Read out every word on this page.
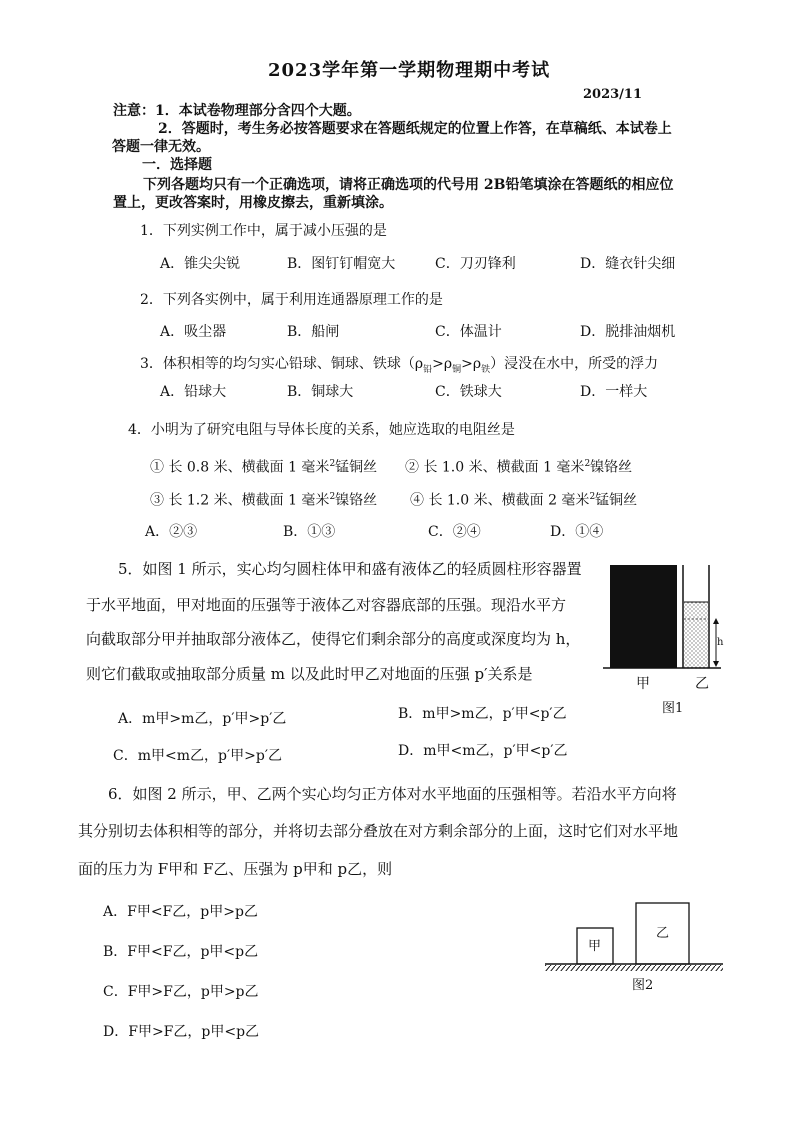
2023学年第一学期物理期中考试
2023/11
注意：1．本试卷物理部分含四个大题。
2．答题时，考生务必按答题要求在答题纸规定的位置上作答，在草稿纸、本试卷上
答题一律无效。
一．选择题
下列各题均只有一个正确选项，请将正确选项的代号用 2B铅笔填涂在答题纸的相应位
置上，更改答案时，用橡皮擦去，重新填涂。
1．下列实例工作中，属于减小压强的是
A．锥尖尖锐	B．图钉钉帽宽大	C．刀刃锋利	D．缝衣针尖细
2．下列各实例中，属于利用连通器原理工作的是
A．吸尘器	B．船闸	C．体温计	D．脱排油烟机
3．体积相等的均匀实心铅球、铜球、铁球$(\rho_铅>\rho_铜>\rho_铁)$浸没在水中，所受的浮力
A．铅球大	B．铜球大	C．铁球大	D．一样大
4．小明为了研究电阻与导体长度的关系，她应选取的电阻丝是
① 长 0.8 米、横截面 1 毫米$^2$锰铜丝 ② 长 1.0 米、横截面 1 毫米$^2$镍铬丝
③ 长 1.2 米、横截面 1 毫米$^2$镍铬丝 ④ 长 1.0 米、横截面 2 毫米$^2$锰铜丝
A．②③	B．①③	C．②④	D．①④
5．如图 1 所示，实心均匀圆柱体甲和盛有液体乙的轻质圆柱形容器置
于水平地面，甲对地面的压强等于液体乙对容器底部的压强。现沿水平方
向截取部分甲并抽取部分液体乙，使得它们剩余部分的高度或深度均为 h，
则它们截取或抽取部分质量 m 以及此时甲乙对地面的压强 p′关系是
A．m甲>m乙，p′甲>p′乙	B．m甲>m乙，p′甲<p′乙
C．m甲<m乙，p′甲>p′乙	D．m甲<m乙，p′甲<p′乙
h
甲	乙
图1
6．如图 2 所示，甲、乙两个实心均匀正方体对水平地面的压强相等。若沿水平方向将
其分别切去体积相等的部分，并将切去部分叠放在对方剩余部分的上面，这时它们对水平地
面的压力为 F甲和 F乙、压强为 p甲和 p乙，则
A．F甲<F乙，p甲>p乙
B．F甲<F乙，p甲<p乙
C．F甲>F乙，p甲>p乙
D．F甲>F乙，p甲<p乙
甲
乙
图2
